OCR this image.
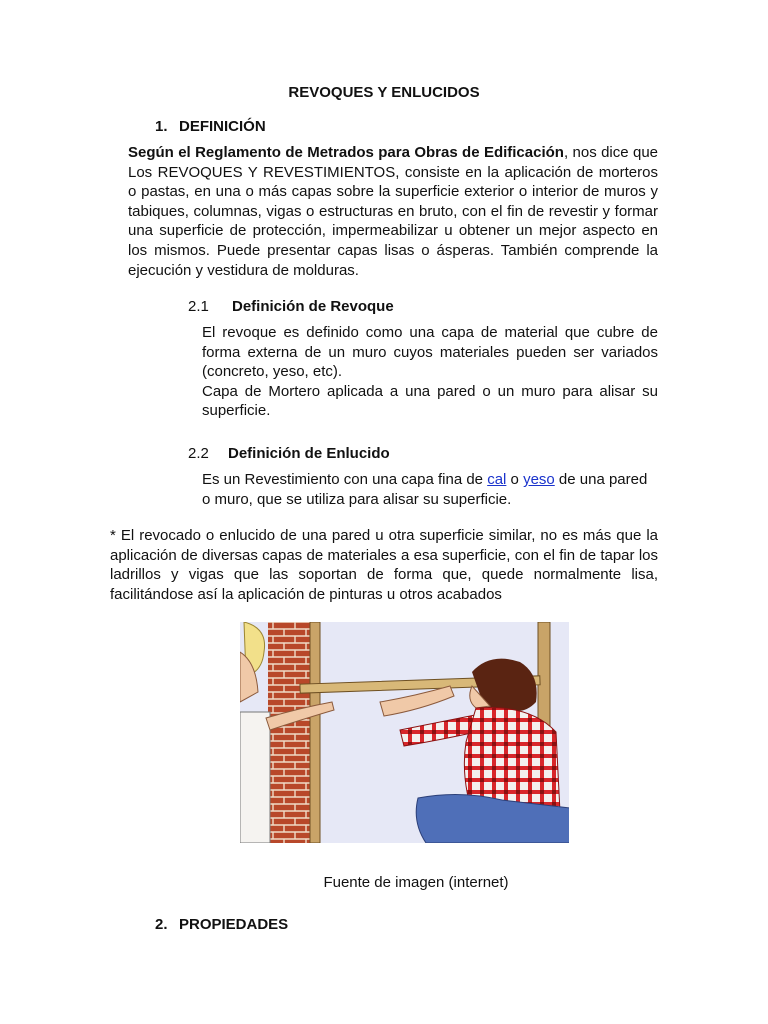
REVOQUES Y ENLUCIDOS
1. DEFINICIÓN
Según el Reglamento de Metrados para Obras de Edificación, nos dice que Los REVOQUES Y REVESTIMIENTOS, consiste en la aplicación de morteros o pastas, en una o más capas sobre la superficie exterior o interior de muros y tabiques, columnas, vigas o estructuras en bruto, con el fin de revestir y formar una superficie de protección, impermeabilizar u obtener un mejor aspecto en los mismos. Puede presentar capas lisas o ásperas. También comprende la ejecución y vestidura de molduras.
2.1 Definición de Revoque
El revoque es definido como una capa de material que cubre de forma externa de un muro cuyos materiales pueden ser variados (concreto, yeso, etc).
Capa de Mortero aplicada a una pared o un muro para alisar su superficie.
2.2 Definición de Enlucido
Es un Revestimiento con una capa fina de cal o yeso de una pared o muro, que se utiliza para alisar su superficie.
* El revocado o enlucido de una pared u otra superficie similar, no es más que la aplicación de diversas capas de materiales a esa superficie, con el fin de tapar los ladrillos y vigas que las soportan de forma que, quede normalmente lisa, facilitándose así la aplicación de pinturas u otros acabados
Fuente de imagen (internet)
2. PROPIEDADES
